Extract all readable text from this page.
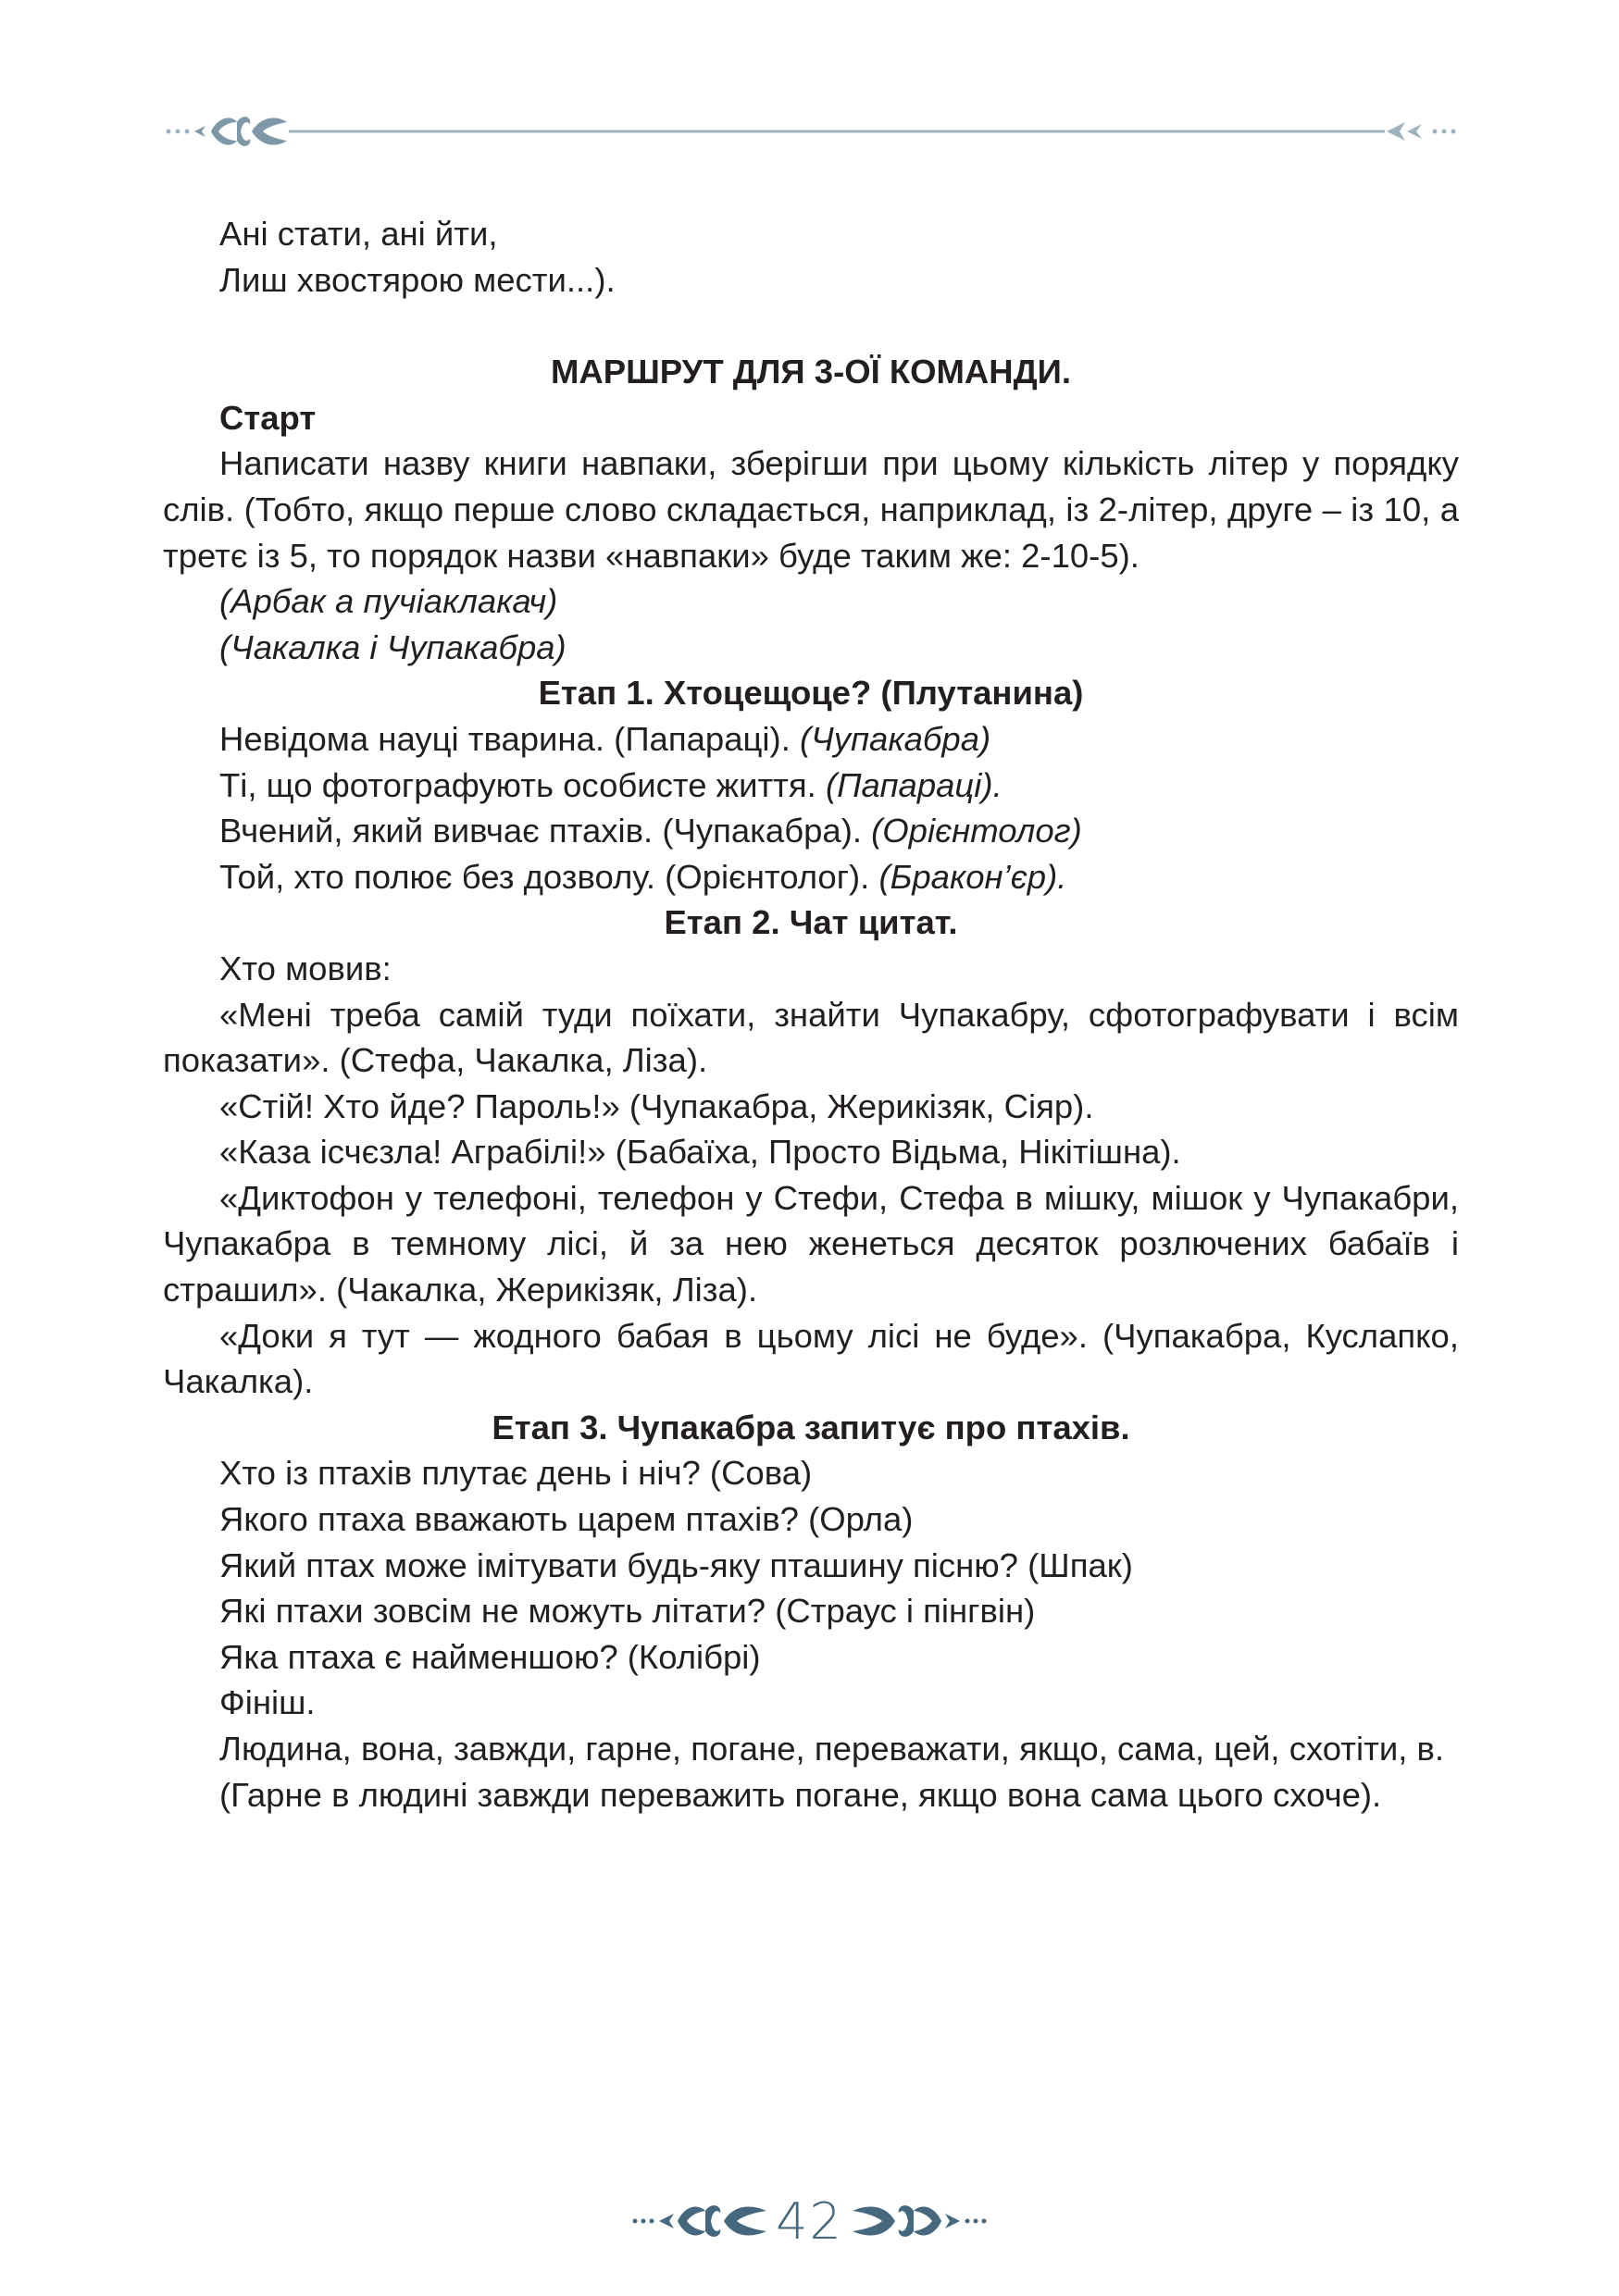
Ані стати, ані йти,

Лиш хвостярою мести...).

МАРШРУТ ДЛЯ 3-ОЇ КОМАНДИ.

Старт

Написати назву книги навпаки, зберігши при цьому кількість літер у порядку слів. (Тобто, якщо перше слово складається, наприклад, із 2-літер, друге – із 10, а третє із 5, то порядок назви «навпаки» буде таким же: 2-10-5).

(Арбак а пучіаклакач)

(Чакалка і Чупакабра)

Етап 1. Хтоцещоце? (Плутанина)

Невідома науці тварина. (Папараці). (Чупакабра)

Ті, що фотографують особисте життя. (Папараці).

Вчений, який вивчає птахів. (Чупакабра). (Орієнтолог)

Той, хто полює без дозволу. (Орієнтолог). (Бракон’єр).

Етап 2. Чат цитат.

Хто мовив:

«Мені треба самій туди поїхати, знайти Чупакабру, сфотографувати і всім показати». (Стефа, Чакалка, Ліза).

«Стій! Хто йде? Пароль!» (Чупакабра, Жерикізяк, Сіяр).

«Каза ісчєзла! Аграбілі!» (Бабаїха, Просто Відьма, Нікітішна).

«Диктофон у телефоні, телефон у Стефи, Стефа в мішку, мішок у Чупакабри, Чупакабра в темному лісі, й за нею женеться десяток розлючених бабаїв і страшил». (Чакалка, Жерикізяк, Ліза).

«Доки я тут — жодного бабая в цьому лісі не буде». (Чупакабра, Куслапко, Чакалка).

Етап 3. Чупакабра запитує про птахів.

Хто із птахів плутає день і ніч? (Сова)

Якого птаха вважають царем птахів? (Орла)

Який птах може імітувати будь-яку пташину пісню? (Шпак)

Які птахи зовсім не можуть літати? (Страус і пінгвін)

Яка птаха є найменшою? (Колібрі)

Фініш.

Людина, вона, завжди, гарне, погане, переважати, якщо, сама, цей, схотіти, в.

(Гарне в людині завжди переважить погане, якщо вона сама цього схоче).

42
